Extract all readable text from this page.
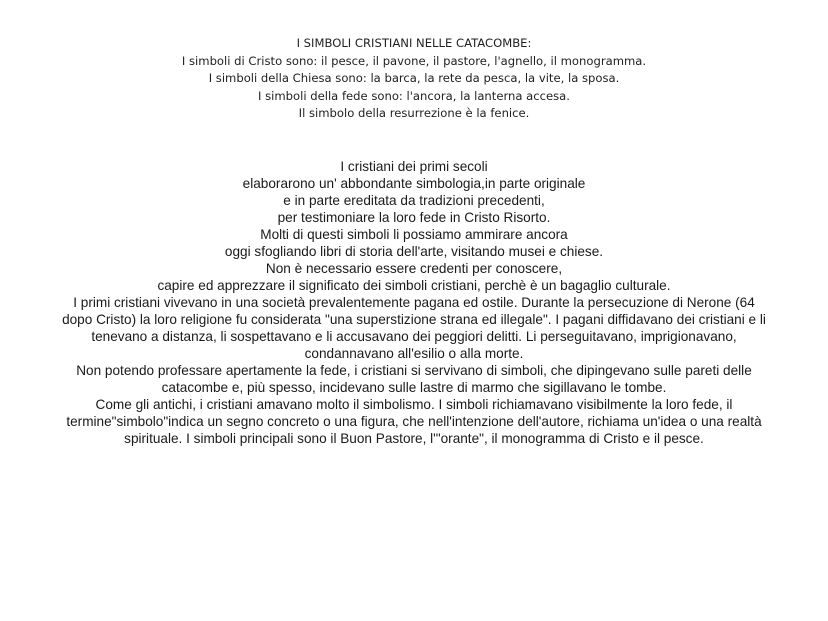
I SIMBOLI CRISTIANI NELLE CATACOMBE:
I simboli di Cristo sono: il pesce, il pavone, il pastore, l'agnello, il monogramma.
I simboli della Chiesa sono: la barca, la rete da pesca, la vite, la sposa.
I simboli della fede sono: l'ancora, la lanterna accesa.
Il simbolo della resurrezione è la fenice.

I cristiani dei primi secoli

elaborarono un' abbondante simbologia,in parte originale

e in parte ereditata da tradizioni precedenti,

per testimoniare la loro fede in Cristo Risorto.

Molti di questi simboli li possiamo ammirare ancora

oggi sfogliando libri di storia dell'arte, visitando musei e chiese.

Non è necessario essere credenti per conoscere,

capire ed apprezzare il significato dei simboli cristiani, perchè è un bagaglio culturale.

I primi cristiani vivevano in una società prevalentemente pagana ed ostile. Durante la persecuzione di Nerone (64 dopo Cristo) la loro religione fu considerata "una superstizione strana ed illegale". I pagani diffidavano dei cristiani e li tenevano a distanza, li sospettavano e li accusavano dei peggiori delitti. Li perseguitavano, imprigionavano, condannavano all'esilio o alla morte.

Non potendo professare apertamente la fede, i cristiani si servivano di simboli, che dipingevano sulle pareti delle catacombe e, più spesso, incidevano sulle lastre di marmo che sigillavano le tombe.

Come gli antichi, i cristiani amavano molto il simbolismo. I simboli richiamavano visibilmente la loro fede, il termine"simbolo"indica un segno concreto o una figura, che nell'intenzione dell'autore, richiama un'idea o una realtà spirituale. I simboli principali sono il Buon Pastore, l'"orante", il monogramma di Cristo e il pesce.
